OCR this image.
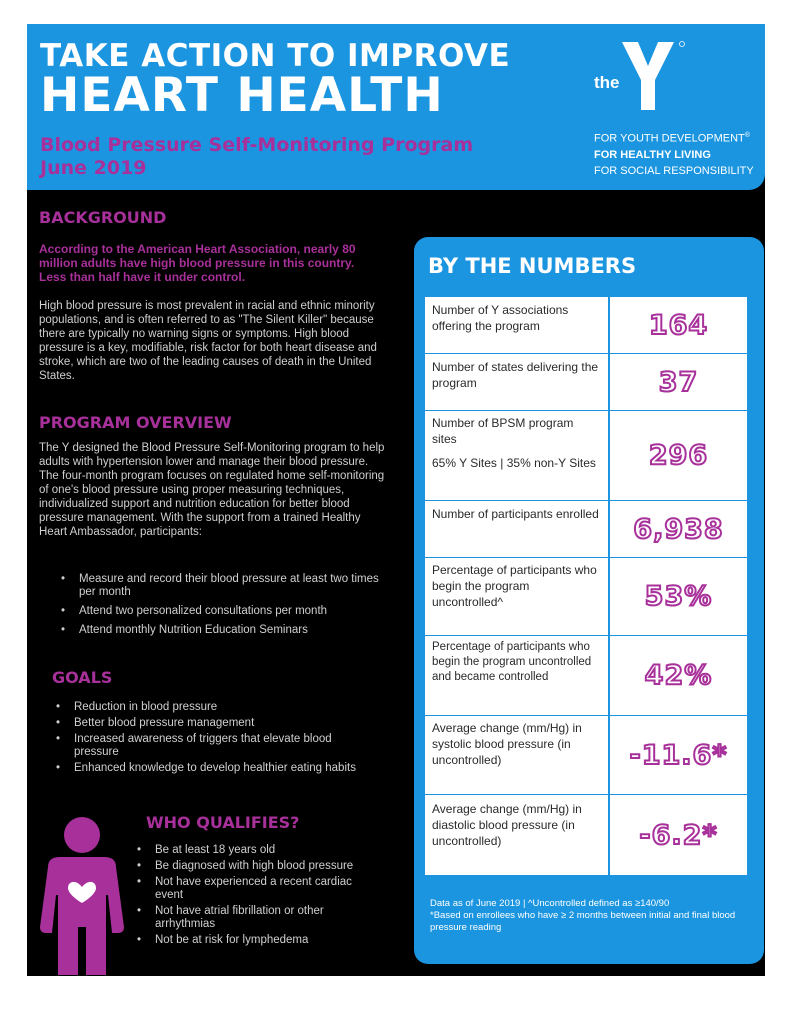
TAKE ACTION TO IMPROVE
HEART HEALTH
Blood Pressure Self-Monitoring Program
June 2019
the	YMCA
FOR YOUTH DEVELOPMENT®
FOR HEALTHY LIVING
FOR SOCIAL RESPONSIBILITY
BACKGROUND
According to the American Heart Association, nearly 80 million adults have high blood pressure in this country. Less than half have it under control.
High blood pressure is most prevalent in racial and ethnic minority populations, and is often referred to as "The Silent Killer" because there are typically no warning signs or symptoms. High blood pressure is a key, modifiable, risk factor for both heart disease and stroke, which are two of the leading causes of death in the United States.
PROGRAM OVERVIEW
The Y designed the Blood Pressure Self-Monitoring program to help adults with hypertension lower and manage their blood pressure. The four-month program focuses on regulated home self-monitoring of one's blood pressure using proper measuring techniques, individualized support and nutrition education for better blood pressure management. With the support from a trained Healthy Heart Ambassador, participants:
• Measure and record their blood pressure at least two times per month
• Attend two personalized consultations per month
• Attend monthly Nutrition Education Seminars
GOALS
• Reduction in blood pressure
• Better blood pressure management
• Increased awareness of triggers that elevate blood pressure
• Enhanced knowledge to develop healthier eating habits
WHO QUALIFIES?
• Be at least 18 years old
• Be diagnosed with high blood pressure
• Not have experienced a recent cardiac event
• Not have atrial fibrillation or other arrhythmias
• Not be at risk for lymphedema
BY THE NUMBERS
Number of Y associations offering the program	164
Number of states delivering the program	37
Number of BPSM program sites
65% Y Sites | 35% non-Y Sites	296
Number of participants enrolled	6,938
Percentage of participants who begin the program uncontrolled^	53%
Percentage of participants who begin the program uncontrolled and became controlled	42%
Average change (mm/Hg) in systolic blood pressure (in uncontrolled)	-11.6*
Average change (mm/Hg) in diastolic blood pressure (in uncontrolled)	-6.2*
Data as of June 2019 | ^Uncontrolled defined as ≥140/90
*Based on enrollees who have ≥ 2 months between initial and final blood pressure reading
